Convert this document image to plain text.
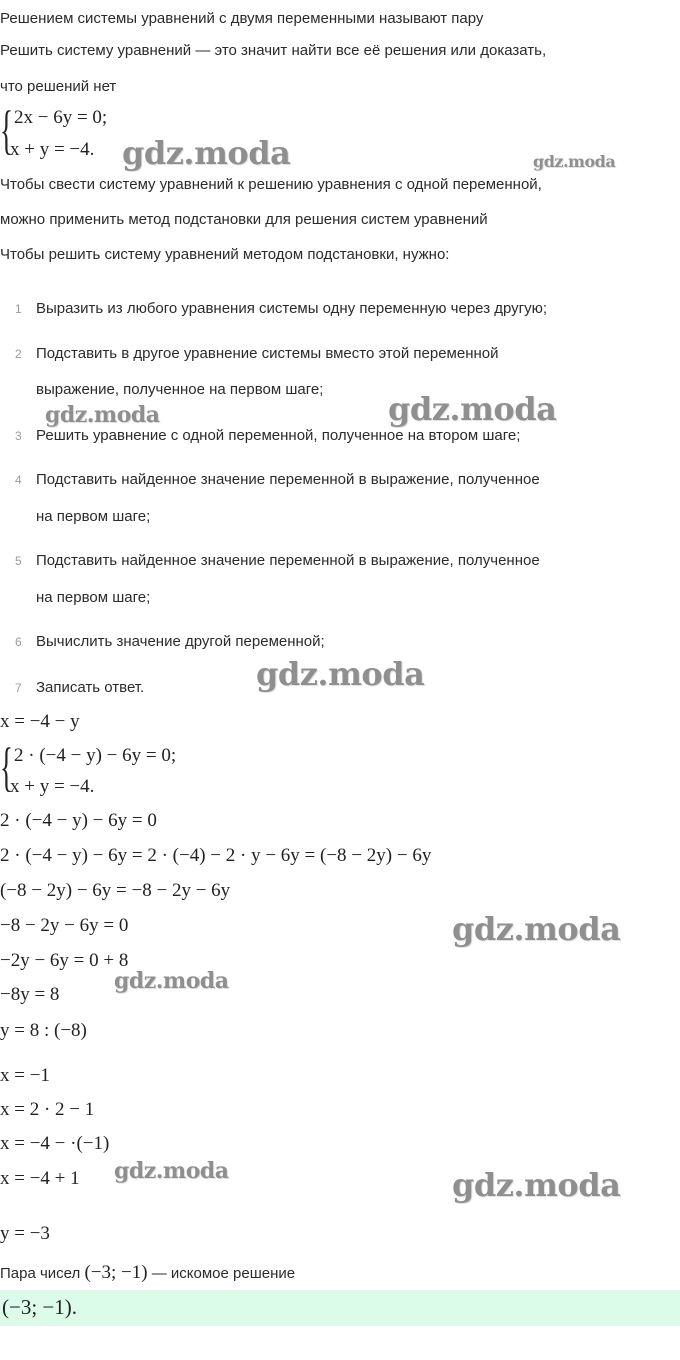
Решением системы уравнений с двумя переменными называют пару
Решить систему уравнений — это значит найти все её решения или доказать,
что решений нет
{ 2x − 6y = 0;
x + y = −4.
Чтобы свести систему уравнений к решению уравнения с одной переменной,
можно применить метод подстановки для решения систем уравнений
Чтобы решить систему уравнений методом подстановки, нужно:
1 Выразить из любого уравнения системы одну переменную через другую;
2 Подставить в другое уравнение системы вместо этой переменной
выражение, полученное на первом шаге;
3 Решить уравнение с одной переменной, полученное на втором шаге;
4 Подставить найденное значение переменной в выражение, полученное
на первом шаге;
5 Подставить найденное значение переменной в выражение, полученное
на первом шаге;
6 Вычислить значение другой переменной;
7 Записать ответ.
x = −4 − y
{ 2 · (−4 − y) − 6y = 0;
x + y = −4.
2 · (−4 − y) − 6y = 0
2 · (−4 − y) − 6y = 2 · (−4) − 2 · y − 6y = (−8 − 2y) − 6y
(−8 − 2y) − 6y = −8 − 2y − 6y
−8 − 2y − 6y = 0
−2y − 6y = 0 + 8
−8y = 8
y = 8 : (−8)
x = −1
x = 2 · 2 − 1
x = −4 − ·(−1)
x = −4 + 1
y = −3
Пара чисел (−3; −1) — искомое решение
(−3; −1).
gdz.moda	gdz.moda
gdz.moda	gdz.moda
gdz.moda
gdz.moda
gdz.moda
gdz.moda	gdz.moda
